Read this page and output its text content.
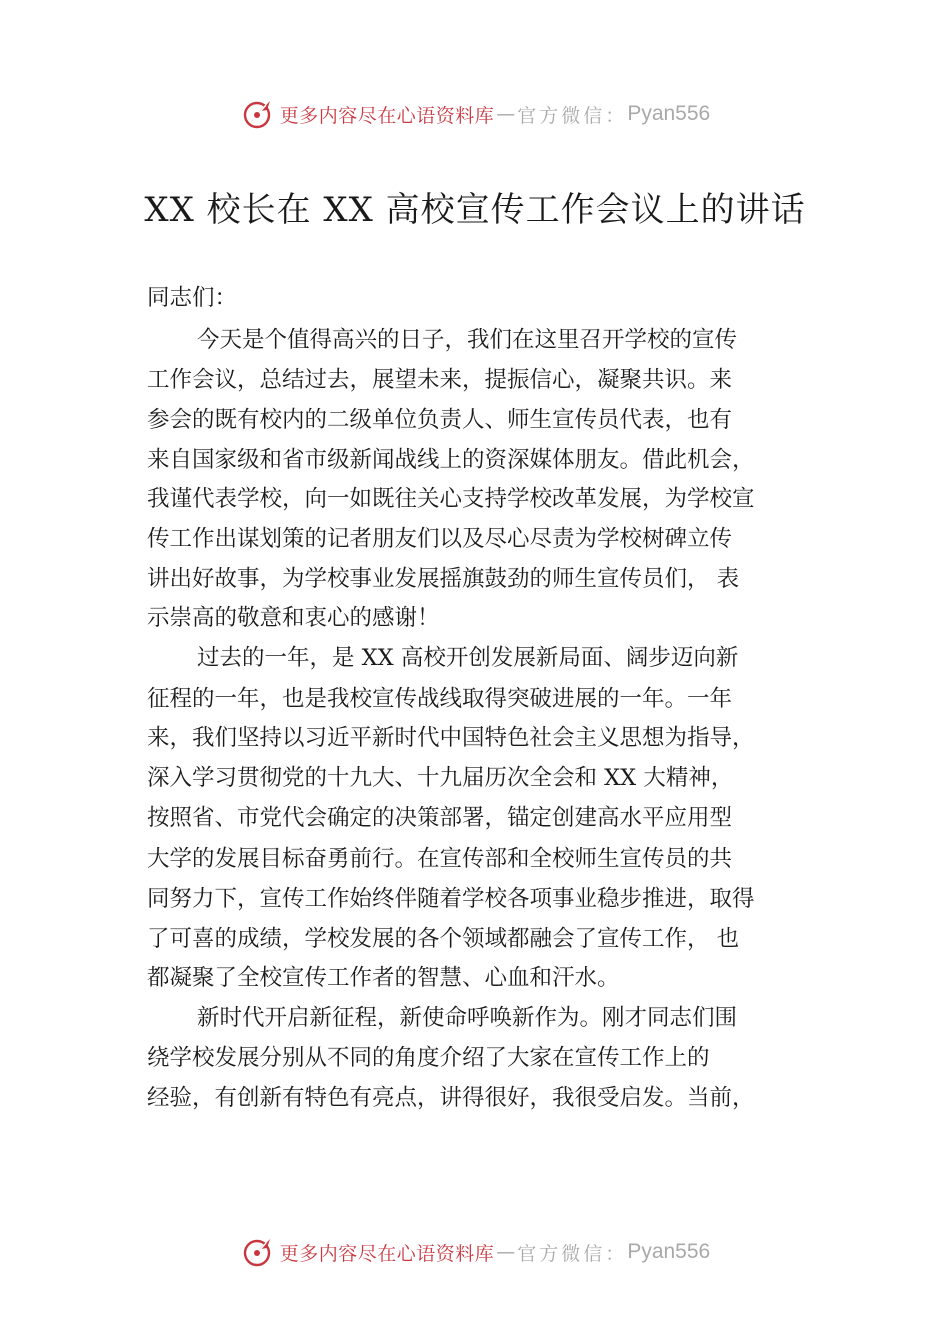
更多内容尽在心语资料库 — 官方微信： Pyan556
XX 校长在 XX 高校宣传工作会议上的讲话

同志们：

今天是个值得高兴的日子，我们在这里召开学校的宣传

工作会议，总结过去，展望未来，提振信心，凝聚共识。来

参会的既有校内的二级单位负责人、师生宣传员代表，也有

来自国家级和省市级新闻战线上的资深媒体朋友。借此机会，

我谨代表学校，向一如既往关心支持学校改革发展，为学校宣

传工作出谋划策的记者朋友们以及尽心尽责为学校树碑立传

讲出好故事，为学校事业发展摇旗鼓劲的师生宣传员们， 表

示崇高的敬意和衷心的感谢！

过去的一年，是 XX 高校开创发展新局面、阔步迈向新

征程的一年，也是我校宣传战线取得突破进展的一年。一年

来，我们坚持以习近平新时代中国特色社会主义思想为指导，

深入学习贯彻党的十九大、十九届历次全会和 XX 大精神，

按照省、市党代会确定的决策部署，锚定创建高水平应用型

大学的发展目标奋勇前行。在宣传部和全校师生宣传员的共

同努力下，宣传工作始终伴随着学校各项事业稳步推进，取得

了可喜的成绩，学校发展的各个领域都融会了宣传工作， 也

都凝聚了全校宣传工作者的智慧、心血和汗水。

新时代开启新征程，新使命呼唤新作为。刚才同志们围

绕学校发展分别从不同的角度介绍了大家在宣传工作上的

经验，有创新有特色有亮点，讲得很好，我很受启发。当前，

更多内容尽在心语资料库 — 官方微信： Pyan556
